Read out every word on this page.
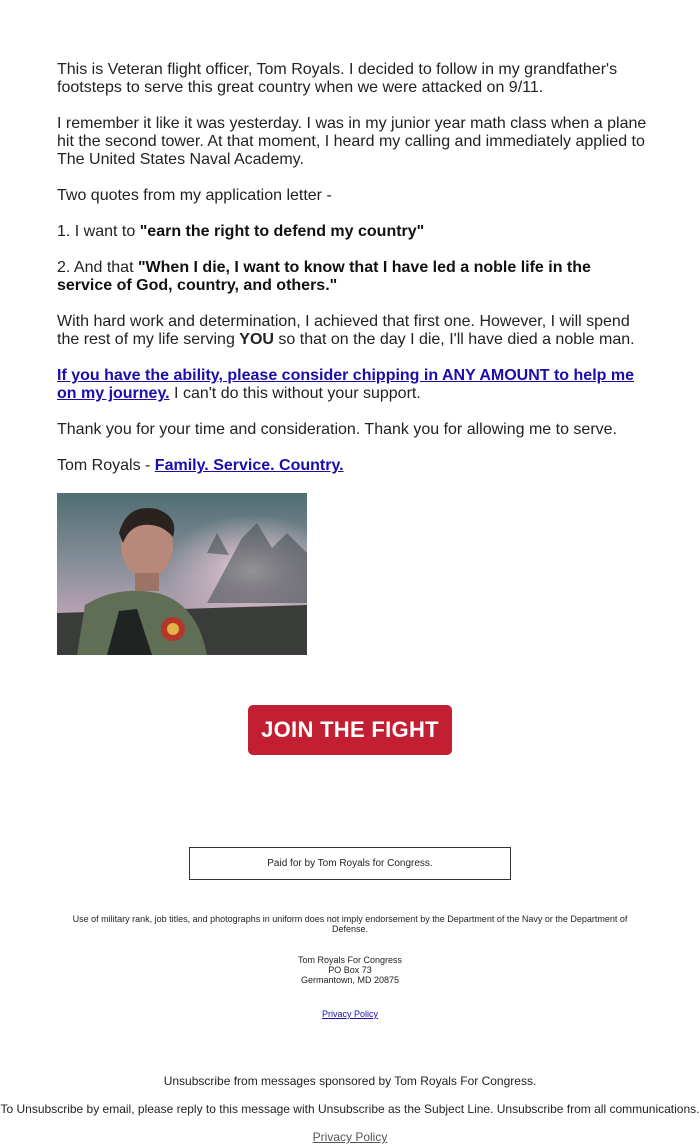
This is Veteran flight officer, Tom Royals. I decided to follow in my grandfather's footsteps to serve this great country when we were attacked on 9/11.

I remember it like it was yesterday. I was in my junior year math class when a plane hit the second tower. At that moment, I heard my calling and immediately applied to The United States Naval Academy.

Two quotes from my application letter -

1. I want to "earn the right to defend my country"

2. And that "When I die, I want to know that I have led a noble life in the service of God, country, and others."

With hard work and determination, I achieved that first one. However, I will spend the rest of my life serving YOU so that on the day I die, I'll have died a noble man.

If you have the ability, please consider chipping in ANY AMOUNT to help me on my journey. I can't do this without your support.

Thank you for your time and consideration. Thank you for allowing me to serve.

Tom Royals - Family. Service. Country.

JOIN THE FIGHT
Paid for by Tom Royals for Congress.
Use of military rank, job titles, and photographs in uniform does not imply endorsement by the Department of the Navy or the Department of Defense.
Tom Royals For Congress
PO Box 73
Germantown, MD 20875
Privacy Policy
Unsubscribe from messages sponsored by Tom Royals For Congress.
To Unsubscribe by email, please reply to this message with Unsubscribe as the Subject Line. Unsubscribe from all communications.
Privacy Policy
